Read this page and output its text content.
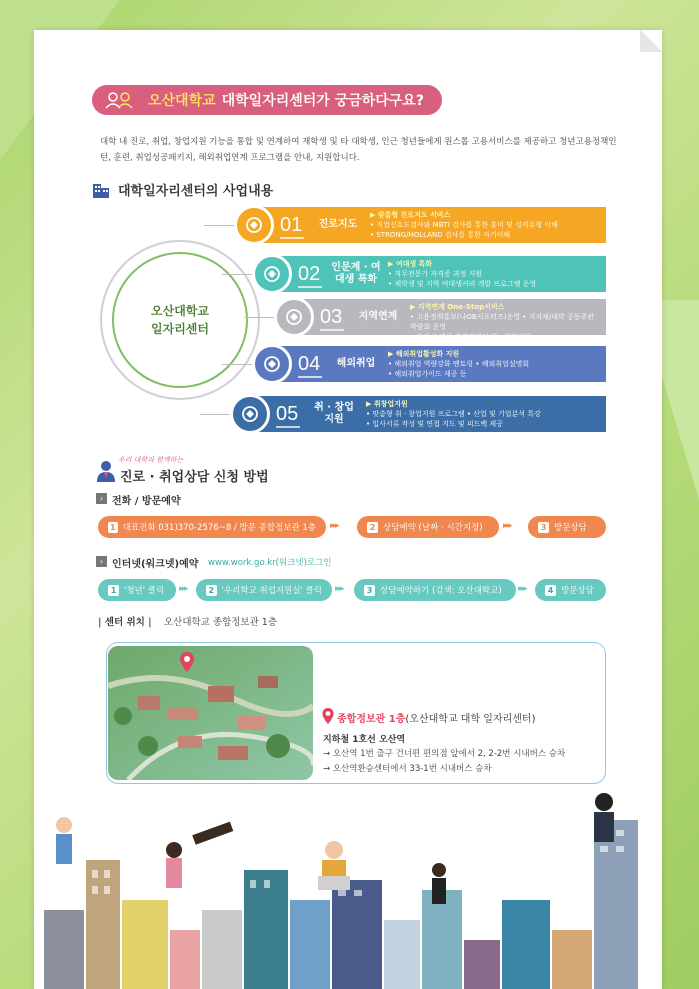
오산대학교 대학일자리센터가 궁금하다구요?
대학 내 진로, 취업, 창업지원 기능을 통합 및 연계하여 재학생 및 타 대학생, 인근 청년들에게 원스톱 고용서비스를 제공하고 청년고용정책인턴, 훈련, 취업성공패키지, 해외취업연계 프로그램을 안내, 지원합니다.
대학일자리센터의 사업내용
오산대학교
일자리센터
01	진로지도
▶ 맞춤형 진로지도 서비스
• 직업선호도검사와 MBTI 검사를 통한 흥미 및 성격유형 이해
• STRONG/HOLLAND 검사를 통한 자기이해
02 인문계 · 여대생 특화
▶ 여대생 특화
• 직무전문가 자격증 과정 지원
• 재학생 및 지역 여대생커리 개발 프로그램 운영
03	지역연계
▶ 지역연계 One-Stop서비스
• 고용정책홍보(나OB서포터즈)운영 • 지자체/대학 공동주관 박람회 운영
• 오산시 대상 자격과정의 취 · 창업지원
04	해외취업
▶ 해외취업활성화 지원
• 해외취업 역량강화 멘토링 • 해외취업설명회
• 해외취업가이드 제공 등
05	취 · 창업 지원
▶ 취창업지원
• 맞춤형 취 · 창업지원 프로그램 • 산업 및 기업분석 특강
• 입사서류 작성 및 면접 지도 및 피드백 제공
우리 대학과 함께하는
진로 · 취업상담 신청 방법
› 전화 / 방문예약
1 대표전화 031)370-2576~8 / 방문 종합정보관 1층 ▸▸▸	2 상담예약 (날짜 · 시간지정) ▸▸▸	3 방문상담
› 인터넷(워크넷)예약 www.work.go.kr(워크넷)로그인
1 '청년' 클릭 ▸▸▸	2 '우리학교 취업지원실' 클릭 ▸▸▸	3 상담예약하기 (검색: 오산대학교) ▸▸▸	4 방문상담
| 센터 위치 | 오산대학교 종합정보관 1층
종합정보관 1층(오산대학교 대학 일자리센터)
지하철 1호선 오산역
→ 오산역 1번 출구 건너편 편의점 앞에서 2, 2-2번 시내버스 승차
→ 오산역환승센터에서 33-1번 시내버스 승차
